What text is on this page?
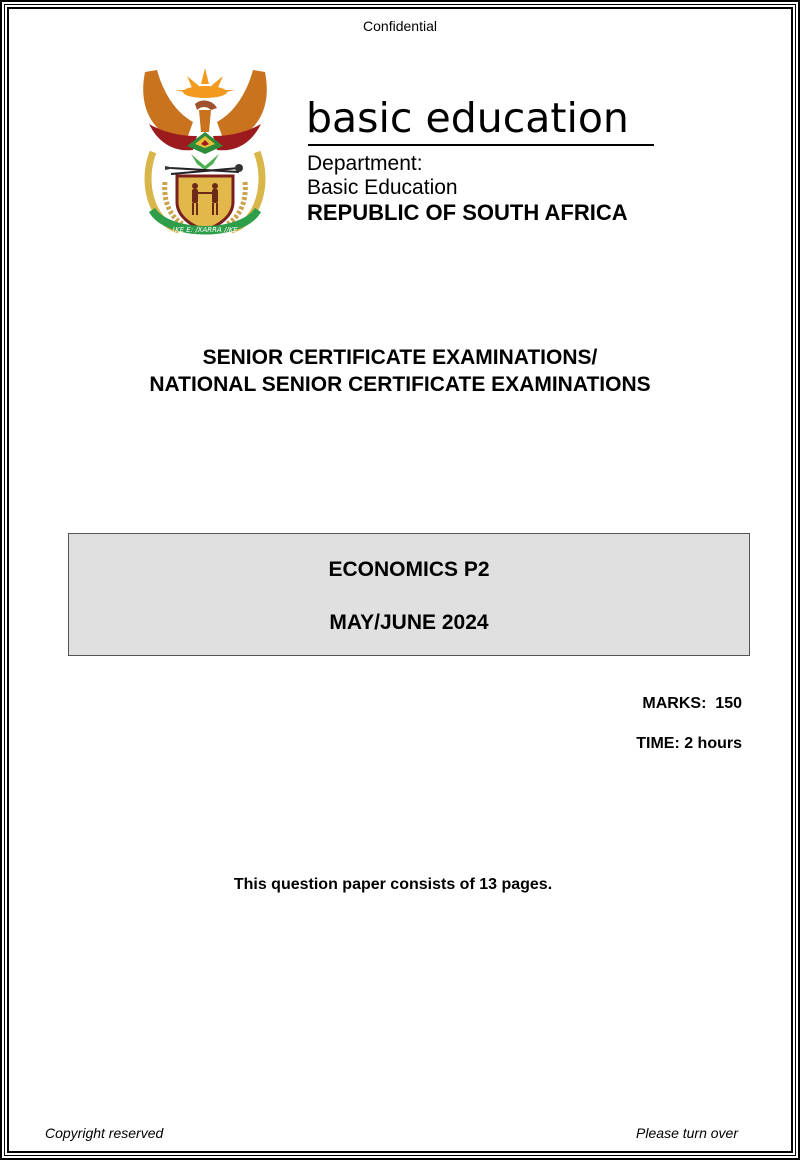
Confidential
!KE E: /XARRA //KE
basic education
Department:
Basic Education
REPUBLIC OF SOUTH AFRICA
SENIOR CERTIFICATE EXAMINATIONS/
NATIONAL SENIOR CERTIFICATE EXAMINATIONS
ECONOMICS P2
MAY/JUNE 2024
MARKS:  150
TIME: 2 hours
This question paper consists of 13 pages.
Copyright reserved	Please turn over
